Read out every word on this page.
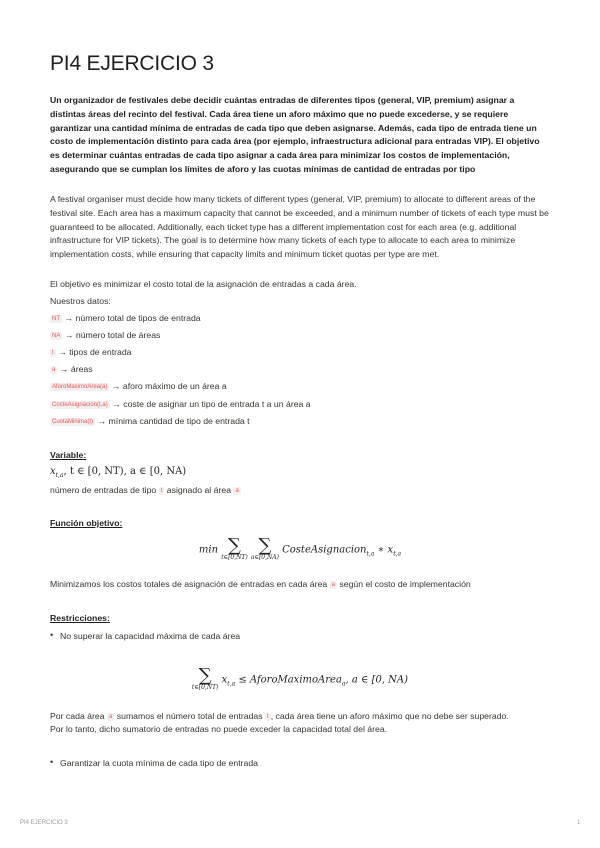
PI4 EJERCICIO 3

Un organizador de festivales debe decidir cuántas entradas de diferentes tipos (general, VIP, premium) asignar a distintas áreas del recinto del festival. Cada área tiene un aforo máximo que no puede excederse, y se requiere garantizar una cantidad mínima de entradas de cada tipo que deben asignarse. Además, cada tipo de entrada tiene un costo de implementación distinto para cada área (por ejemplo, infraestructura adicional para entradas VIP). El objetivo es determinar cuántas entradas de cada tipo asignar a cada área para minimizar los costos de implementación, asegurando que se cumplan los límites de aforo y las cuotas mínimas de cantidad de entradas por tipo

A festival organiser must decide how many tickets of different types (general, VIP, premium) to allocate to different areas of the festival site. Each area has a maximum capacity that cannot be exceeded, and a minimum number of tickets of each type must be guaranteed to be allocated. Additionally, each ticket type has a different implementation cost for each area (e.g. additional infrastructure for VIP tickets). The goal is to determine how many tickets of each type to allocate to each area to minimize implementation costs, while ensuring that capacity limits and minimum ticket quotas per type are met.

El objetivo es minimizar el costo total de la asignación de entradas a cada área.
Nuestros datos:
NT → número total de tipos de entrada
NA → número total de áreas
t → tipos de entrada
a → áreas
AforoMaximoArea(a) → aforo máximo de un área a
CosteAsignación(t,a) → coste de asignar un tipo de entrada t a un área a
CuotaMinima(t) → mínima cantidad de tipo de entrada t
Variable:
$x_{t,a}$, t ∈ [0, NT), a ∈ [0, NA)
número de entradas de tipo t asignado al área a
Función objetivo:
min ∑
t∈[0,NT)

∑
a∈[0,NA)
CosteAsignacion$_{t,a}$ ∗ $x_{t,a}$
Minimizamos los costos totales de asignación de entradas en cada área a según el costo de implementación
Restricciones:
• No superar la capacidad máxima de cada área
∑
t∈[0,NT)
$x_{t,a}$ ≤ AforoMaximoArea$_a$, a ∈ [0, NA)
Por cada área a sumamos el número total de entradas t , cada área tiene un aforo máximo que no debe ser superado.
Por lo tanto, dicho sumatorio de entradas no puede exceder la capacidad total del área.
• Garantizar la cuota mínima de cada tipo de entrada
PI4 EJERCICIO 3	1
